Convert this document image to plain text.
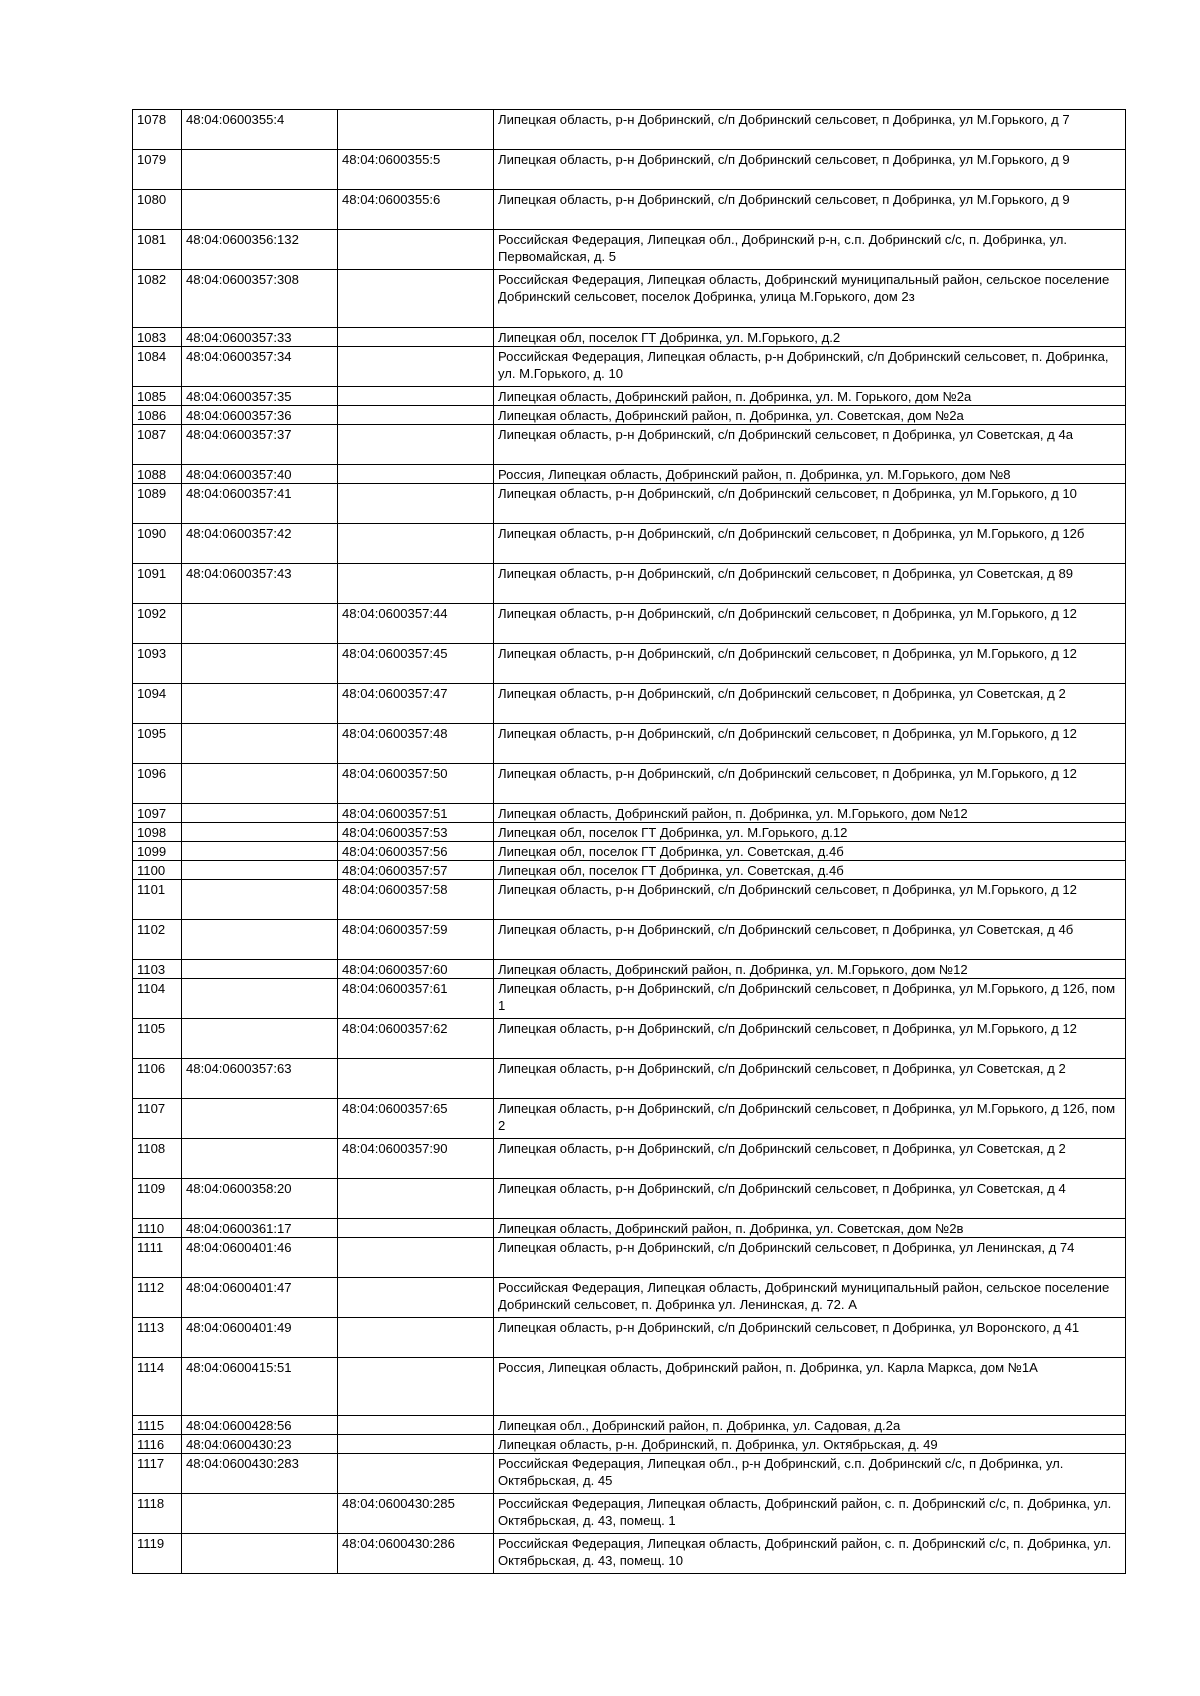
1078	48:04:0600355:4		Липецкая область, р-н Добринский, с/п Добринский сельсовет, п Добринка, ул М.Горького, д 7
1079		48:04:0600355:5	Липецкая область, р-н Добринский, с/п Добринский сельсовет, п Добринка, ул М.Горького, д 9
1080		48:04:0600355:6	Липецкая область, р-н Добринский, с/п Добринский сельсовет, п Добринка, ул М.Горького, д 9
1081	48:04:0600356:132		Российская Федерация, Липецкая обл., Добринский р-н, с.п. Добринский с/с, п. Добринка, ул. Первомайская, д. 5
1082	48:04:0600357:308		Российская Федерация, Липецкая область, Добринский муниципальный район, сельское поселение Добринский сельсовет, поселок Добринка, улица М.Горького, дом 2з
1083	48:04:0600357:33		Липецкая обл, поселок ГТ Добринка, ул. М.Горького, д.2
1084	48:04:0600357:34		Российская Федерация, Липецкая область, р-н Добринский, с/п Добринский сельсовет, п. Добринка, ул. М.Горького, д. 10
1085	48:04:0600357:35		Липецкая область, Добринский район, п. Добринка, ул. М. Горького, дом №2а
1086	48:04:0600357:36		Липецкая область, Добринский район, п. Добринка, ул. Советская, дом №2а
1087	48:04:0600357:37		Липецкая область, р-н Добринский, с/п Добринский сельсовет, п Добринка, ул Советская, д 4а
1088	48:04:0600357:40		Россия, Липецкая область, Добринский район, п. Добринка, ул. М.Горького, дом №8
1089	48:04:0600357:41		Липецкая область, р-н Добринский, с/п Добринский сельсовет, п Добринка, ул М.Горького, д 10
1090	48:04:0600357:42		Липецкая область, р-н Добринский, с/п Добринский сельсовет, п Добринка, ул М.Горького, д 12б
1091	48:04:0600357:43		Липецкая область, р-н Добринский, с/п Добринский сельсовет, п Добринка, ул Советская, д 89
1092		48:04:0600357:44	Липецкая область, р-н Добринский, с/п Добринский сельсовет, п Добринка, ул М.Горького, д 12
1093		48:04:0600357:45	Липецкая область, р-н Добринский, с/п Добринский сельсовет, п Добринка, ул М.Горького, д 12
1094		48:04:0600357:47	Липецкая область, р-н Добринский, с/п Добринский сельсовет, п Добринка, ул Советская, д 2
1095		48:04:0600357:48	Липецкая область, р-н Добринский, с/п Добринский сельсовет, п Добринка, ул М.Горького, д 12
1096		48:04:0600357:50	Липецкая область, р-н Добринский, с/п Добринский сельсовет, п Добринка, ул М.Горького, д 12
1097		48:04:0600357:51	Липецкая область, Добринский район, п. Добринка, ул. М.Горького, дом №12
1098		48:04:0600357:53	Липецкая обл, поселок ГТ Добринка, ул. М.Горького, д.12
1099		48:04:0600357:56	Липецкая обл, поселок ГТ Добринка, ул. Советская, д.4б
1100		48:04:0600357:57	Липецкая обл, поселок ГТ Добринка, ул. Советская, д.4б
1101		48:04:0600357:58	Липецкая область, р-н Добринский, с/п Добринский сельсовет, п Добринка, ул М.Горького, д 12
1102		48:04:0600357:59	Липецкая область, р-н Добринский, с/п Добринский сельсовет, п Добринка, ул Советская, д 4б
1103		48:04:0600357:60	Липецкая область, Добринский район, п. Добринка, ул. М.Горького, дом №12
1104		48:04:0600357:61	Липецкая область, р-н Добринский, с/п Добринский сельсовет, п Добринка, ул М.Горького, д 12б, пом 1
1105		48:04:0600357:62	Липецкая область, р-н Добринский, с/п Добринский сельсовет, п Добринка, ул М.Горького, д 12
1106	48:04:0600357:63		Липецкая область, р-н Добринский, с/п Добринский сельсовет, п Добринка, ул Советская, д 2
1107		48:04:0600357:65	Липецкая область, р-н Добринский, с/п Добринский сельсовет, п Добринка, ул М.Горького, д 12б, пом 2
1108		48:04:0600357:90	Липецкая область, р-н Добринский, с/п Добринский сельсовет, п Добринка, ул Советская, д 2
1109	48:04:0600358:20		Липецкая область, р-н Добринский, с/п Добринский сельсовет, п Добринка, ул Советская, д 4
1110	48:04:0600361:17		Липецкая область, Добринский район, п. Добринка, ул. Советская, дом №2в
1111	48:04:0600401:46		Липецкая область, р-н Добринский, с/п Добринский сельсовет, п Добринка, ул Ленинская, д 74
1112	48:04:0600401:47		Российская Федерация, Липецкая область, Добринский муниципальный район, сельское поселение Добринский сельсовет, п. Добринка ул. Ленинская, д. 72. А
1113	48:04:0600401:49		Липецкая область, р-н Добринский, с/п Добринский сельсовет, п Добринка, ул Воронского, д 41
1114	48:04:0600415:51		Россия, Липецкая область, Добринский район, п. Добринка, ул. Карла Маркса, дом №1А
1115	48:04:0600428:56		Липецкая обл., Добринский район, п. Добринка, ул. Садовая, д.2а
1116	48:04:0600430:23		Липецкая область, р-н. Добринский, п. Добринка, ул. Октябрьская, д. 49
1117	48:04:0600430:283		Российская Федерация, Липецкая обл., р-н Добринский, с.п. Добринский с/с, п Добринка, ул. Октябрьская, д. 45
1118		48:04:0600430:285	Российская Федерация, Липецкая область, Добринский район, с. п. Добринский с/с, п. Добринка, ул. Октябрьская, д. 43, помещ. 1
1119		48:04:0600430:286	Российская Федерация, Липецкая область, Добринский район, с. п. Добринский с/с, п. Добринка, ул. Октябрьская, д. 43, помещ. 10
